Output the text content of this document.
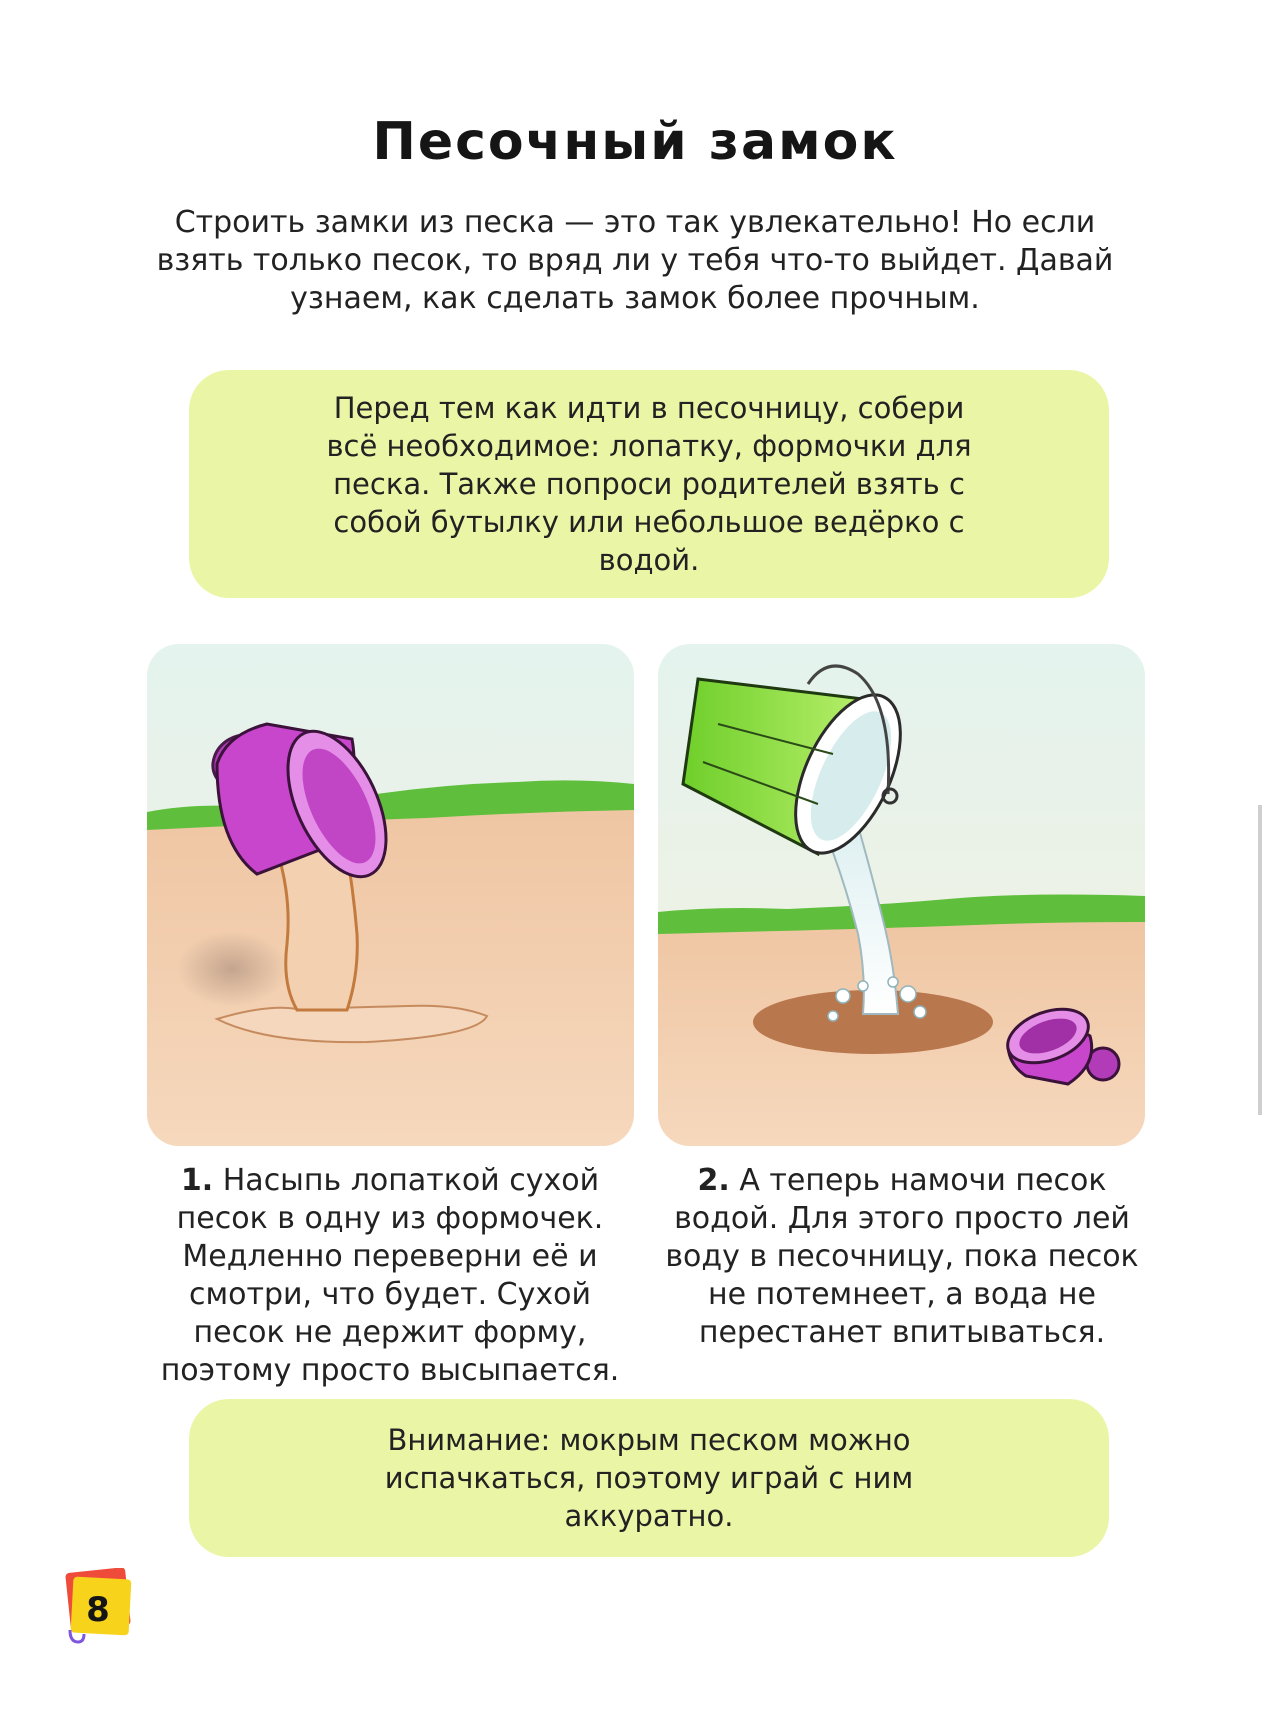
Песочный замок
Строить замки из песка — это так увлекательно! Но если взять только песок, то вряд ли у тебя что-то выйдет. Давай узнаем, как сделать замок более прочным.
Перед тем как идти в песочницу, собери всё необходимое: лопатку, формочки для песка. Также попроси родителей взять с собой бутылку или небольшое ведёрко с водой.
1. Насыпь лопаткой сухой песок в одну из формочек. Медленно переверни её и смотри, что будет. Сухой песок не держит форму, поэтому просто высыпается.
2. А теперь намочи песок водой. Для этого просто лей воду в песочницу, пока песок не потемнеет, а вода не перестанет впитываться.
Внимание: мокрым песком можно испачкаться, поэтому играй с ним аккуратно.
8
